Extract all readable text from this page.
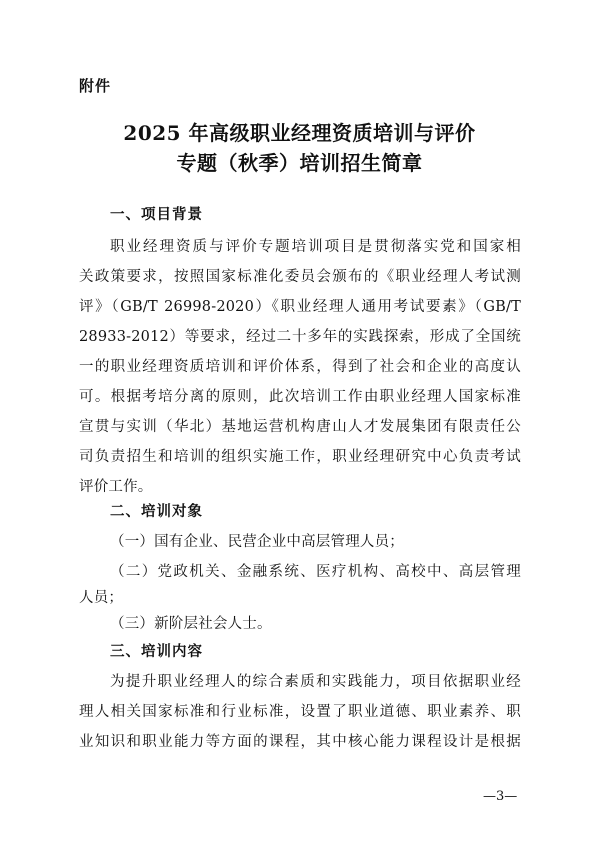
附件
2025 年高级职业经理资质培训与评价
专题（秋季）培训招生简章
一、项目背景
职业经理资质与评价专题培训项目是贯彻落实党和国家相
关政策要求，按照国家标准化委员会颁布的《职业经理人考试测
评》（GB/T 26998-2020）《职业经理人通用考试要素》（GB/T
28933-2012）等要求，经过二十多年的实践探索，形成了全国统
一的职业经理资质培训和评价体系，得到了社会和企业的高度认
可。根据考培分离的原则，此次培训工作由职业经理人国家标准
宣贯与实训（华北）基地运营机构唐山人才发展集团有限责任公
司负责招生和培训的组织实施工作，职业经理研究中心负责考试
评价工作。
二、培训对象
（一）国有企业、民营企业中高层管理人员；
（二）党政机关、金融系统、医疗机构、高校中、高层管理
人员；
（三）新阶层社会人士。
三、培训内容
为提升职业经理人的综合素质和实践能力，项目依据职业经
理人相关国家标准和行业标准，设置了职业道德、职业素养、职
业知识和职业能力等方面的课程，其中核心能力课程设计是根据
—3—
